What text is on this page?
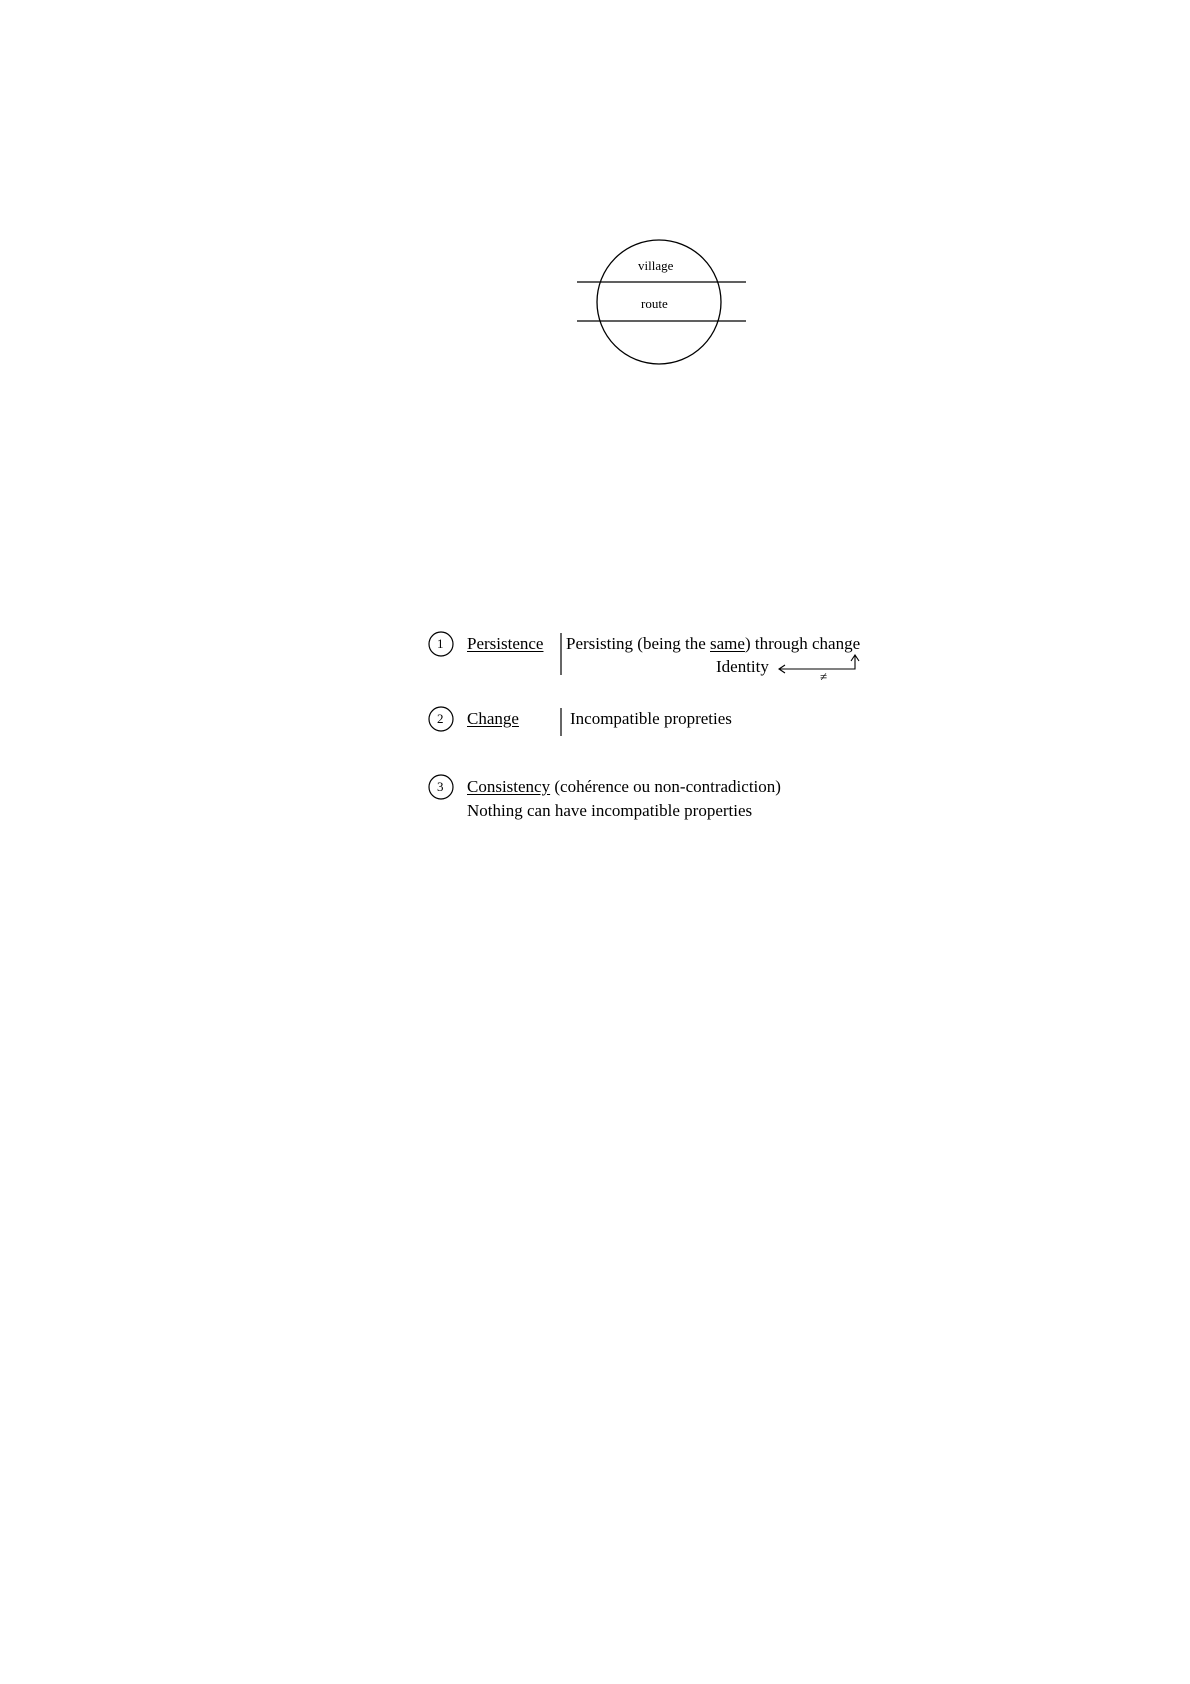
village
route
1
2
3
Persistence Persisting (being the same) through change
Identity
≠
Change	Incompatible propreties
Consistency (cohérence ou non-contradiction)
Nothing can have incompatible properties
